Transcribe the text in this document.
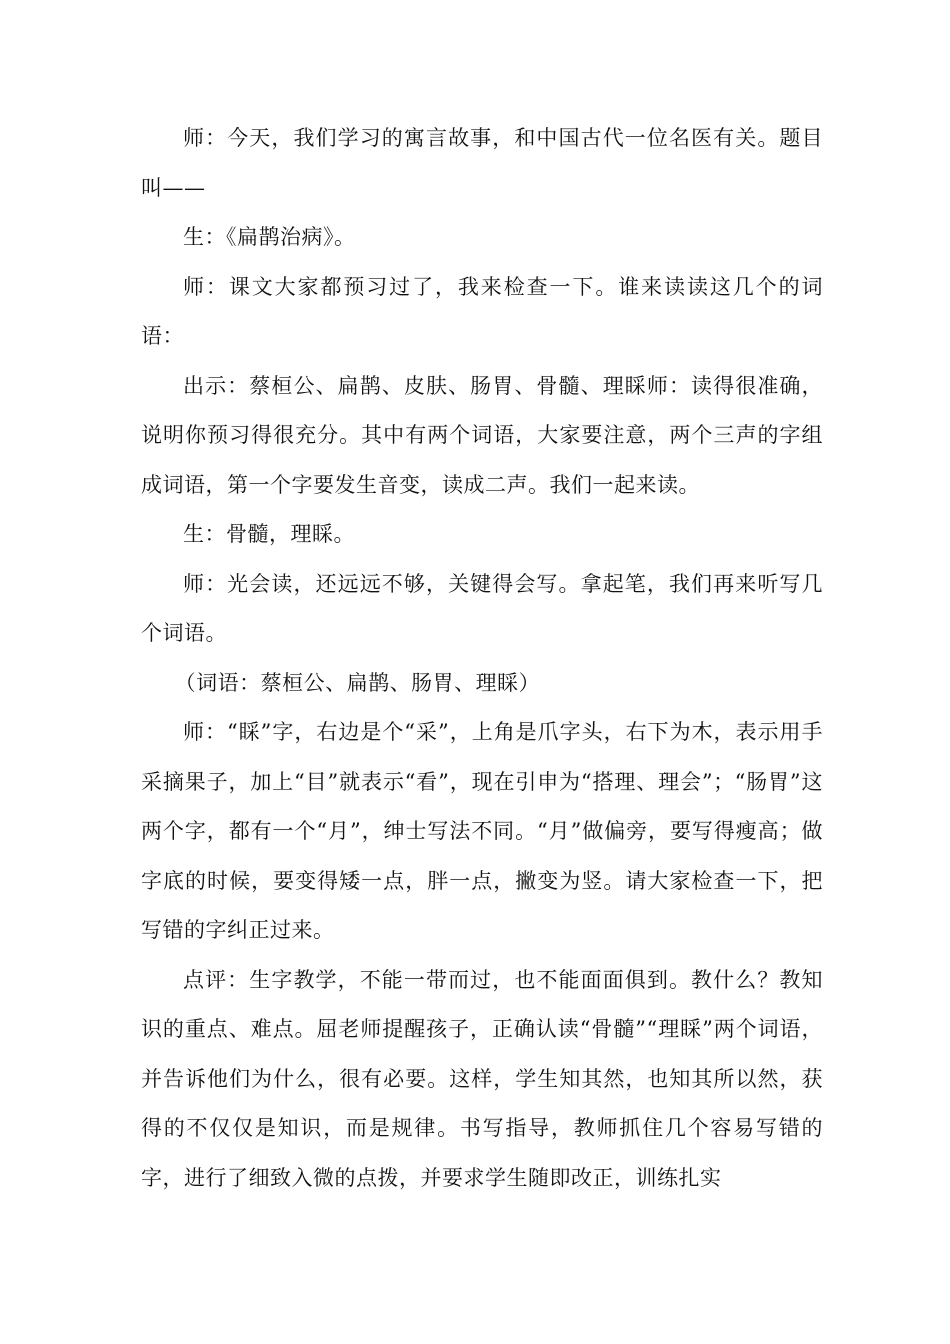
师：今天，我们学习的寓言故事，和中国古代一位名医有关。题目叫——

生：《扁鹊治病》。

师：课文大家都预习过了，我来检查一下。谁来读读这几个的词语：

出示：蔡桓公、扁鹊、皮肤、肠胃、骨髓、理睬师：读得很准确，说明你预习得很充分。其中有两个词语，大家要注意，两个三声的字组成词语，第一个字要发生音变，读成二声。我们一起来读。

生：骨髓，理睬。

师：光会读，还远远不够，关键得会写。拿起笔，我们再来听写几个词语。

（词语：蔡桓公、扁鹊、肠胃、理睬）

师：“睬”字，右边是个“采”，上角是爪字头，右下为木，表示用手采摘果子，加上“目”就表示“看”，现在引申为“搭理、理会”；“肠胃”这两个字，都有一个“月”，绅士写法不同。“月”做偏旁，要写得瘦高；做字底的时候，要变得矮一点，胖一点，撇变为竖。请大家检查一下，把写错的字纠正过来。

点评：生字教学，不能一带而过，也不能面面俱到。教什么？教知识的重点、难点。屈老师提醒孩子，正确认读“骨髓”“理睬”两个词语，并告诉他们为什么，很有必要。这样，学生知其然，也知其所以然，获得的不仅仅是知识，而是规律。书写指导，教师抓住几个容易写错的字，进行了细致入微的点拨，并要求学生随即改正，训练扎实
